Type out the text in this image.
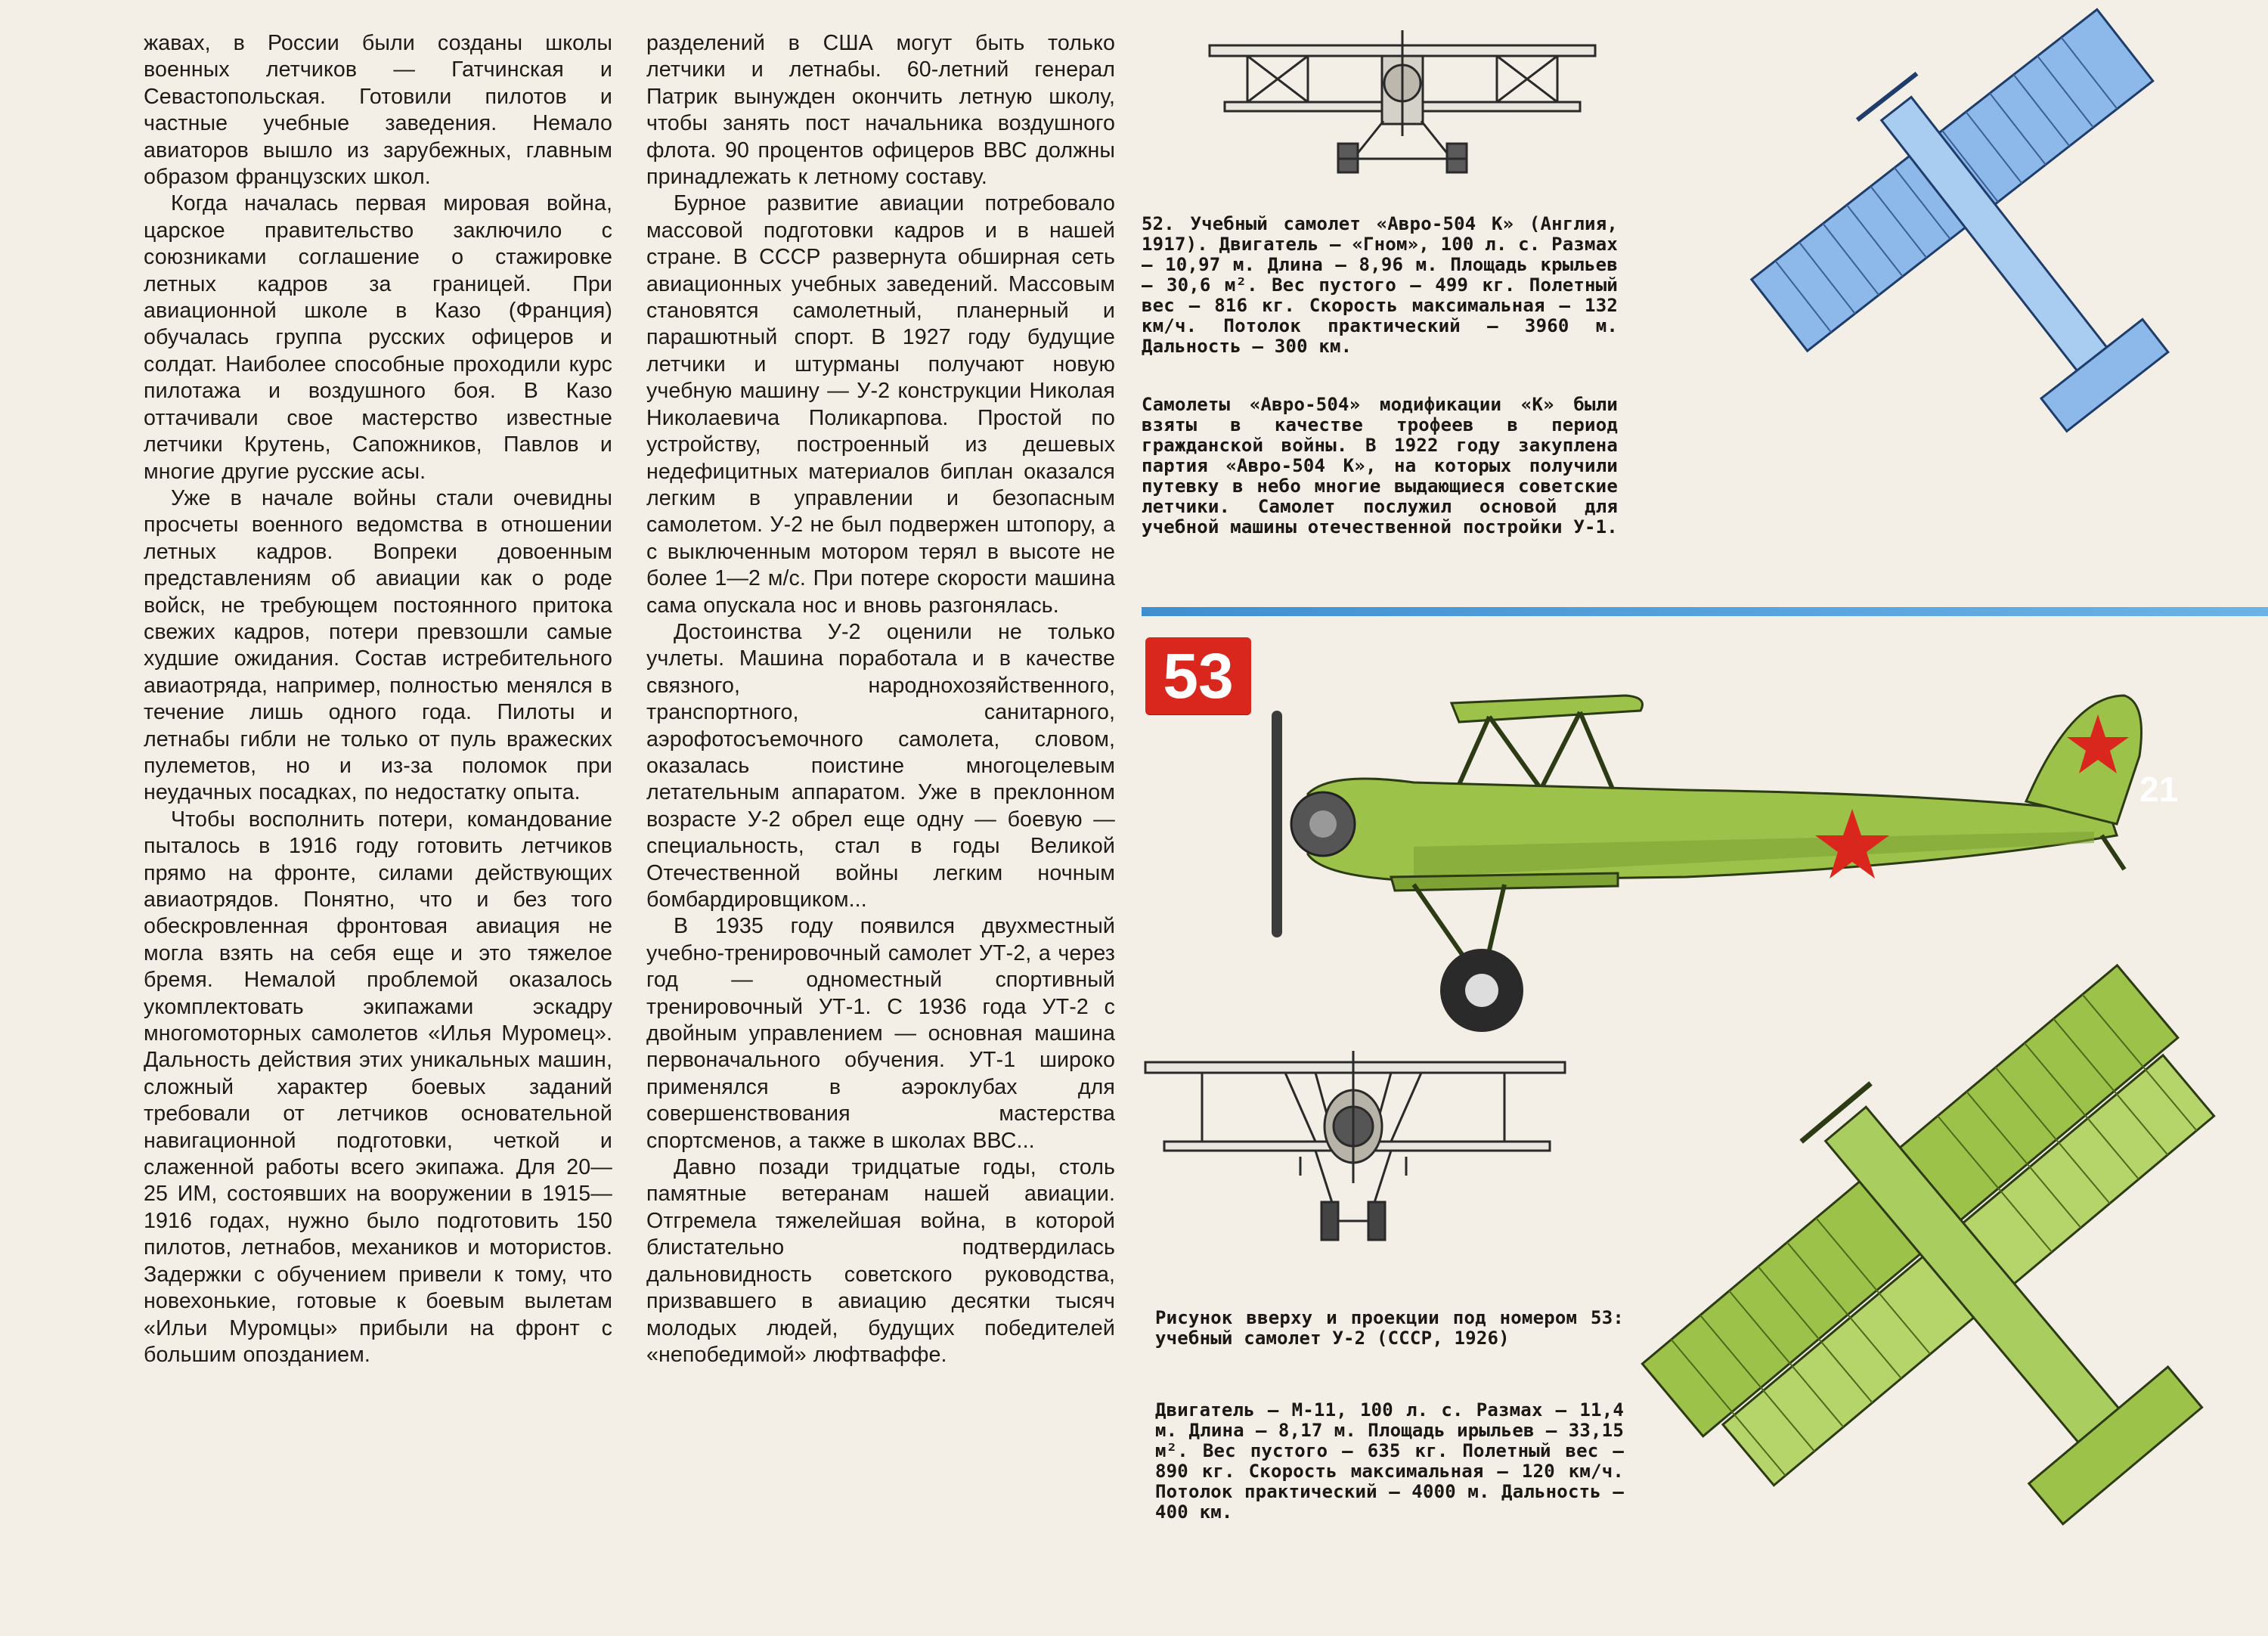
жавах, в России были созданы школы военных летчиков — Гатчинская и Севастопольская. Готовили пилотов и частные учебные заведения. Немало авиаторов вышло из зарубежных, главным образом французских школ.

Когда началась первая мировая война, царское правительство заключило с союзниками соглашение о стажировке летных кадров за границей. При авиационной школе в Казо (Франция) обучалась группа русских офицеров и солдат. Наиболее способные проходили курс пилотажа и воздушного боя. В Казо оттачивали свое мастерство известные летчики Крутень, Сапожников, Павлов и многие другие русские асы.

Уже в начале войны стали очевидны просчеты военного ведомства в отношении летных кадров. Вопреки довоенным представлениям об авиации как о роде войск, не требующем постоянного притока свежих кадров, потери превзошли самые худшие ожидания. Состав истребительного авиаотряда, например, полностью менялся в течение лишь одного года. Пилоты и летнабы гибли не только от пуль вражеских пулеметов, но и из-за поломок при неудачных посадках, по недостатку опыта.

Чтобы восполнить потери, командование пыталось в 1916 году готовить летчиков прямо на фронте, силами действующих авиаотрядов. Понятно, что и без того обескровленная фронтовая авиация не могла взять на себя еще и это тяжелое бремя. Немалой проблемой оказалось укомплектовать экипажами эскадру многомоторных самолетов «Илья Муромец». Дальность действия этих уникальных машин, сложный характер боевых заданий требовали от летчиков основательной навигационной подготовки, четкой и слаженной работы всего экипажа. Для 20—25 ИМ, состоявших на вооружении в 1915—1916 годах, нужно было подготовить 150 пилотов, летнабов, механиков и мотористов. Задержки с обучением привели к тому, что новехонькие, готовые к боевым вылетам «Ильи Муромцы» прибыли на фронт с большим опозданием.

разделений в США могут быть только летчики и летнабы. 60-летний генерал Патрик вынужден окончить летную школу, чтобы занять пост начальника воздушного флота. 90 процентов офицеров ВВС должны принадлежать к летному составу.

Бурное развитие авиации потребовало массовой подготовки кадров и в нашей стране. В СССР развернута обширная сеть авиационных учебных заведений. Массовым становятся самолетный, планерный и парашютный спорт. В 1927 году будущие летчики и штурманы получают новую учебную машину — У-2 конструкции Николая Николаевича Поликарпова. Простой по устройству, построенный из дешевых недефицитных материалов биплан оказался легким в управлении и безопасным самолетом. У-2 не был подвержен штопору, а с выключенным мотором терял в высоте не более 1—2 м/с. При потере скорости машина сама опускала нос и вновь разгонялась.

Достоинства У-2 оценили не только учлеты. Машина поработала и в качестве связного, народнохозяйственного, транспортного, санитарного, аэрофотосъемочного самолета, словом, оказалась поистине многоцелевым летательным аппаратом. Уже в преклонном возрасте У-2 обрел еще одну — боевую — специальность, стал в годы Великой Отечественной войны легким ночным бомбардировщиком...

В 1935 году появился двухместный учебно-тренировочный самолет УТ-2, а через год — одноместный спортивный тренировочный УТ-1. С 1936 года УТ-2 с двойным управлением — основная машина первоначального обучения. УТ-1 широко применялся в аэроклубах для совершенствования мастерства спортсменов, а также в школах ВВС...

Давно позади тридцатые годы, столь памятные ветеранам нашей авиации. Отгремела тяжелейшая война, в которой блистательно подтвердилась дальновидность советского руководства, призвавшего в авиацию десятки тысяч молодых людей, будущих победителей «непобедимой» люфтваффе.

52. Учебный самолет «Авро-504 К» (Англия, 1917). Двигатель — «Гном», 100 л. с. Размах — 10,97 м. Длина — 8,96 м. Площадь крыльев — 30,6 м². Вес пустого — 499 кг. Полетный вес — 816 кг. Скорость максимальная — 132 км/ч. Потолок практический — 3960 м. Дальность — 300 км.

Самолеты «Авро-504» модификации «К» были взяты в качестве трофеев в период гражданской войны. В 1922 году закуплена партия «Авро-504 К», на которых получили путевку в небо многие выдающиеся советские летчики. Самолет послужил основой для учебной машины отечественной постройки У-1.

53
21

Рисунок вверху и проекции под номером 53: учебный самолет У-2 (СССР, 1926)

Двигатель — М-11, 100 л. с. Размах — 11,4 м. Длина — 8,17 м. Площадь ирыльев — 33,15 м². Вес пустого — 635 кг. Полетный вес — 890 кг. Скорость максимальная — 120 км/ч. Потолок практический — 4000 м. Дальность — 400 км.
